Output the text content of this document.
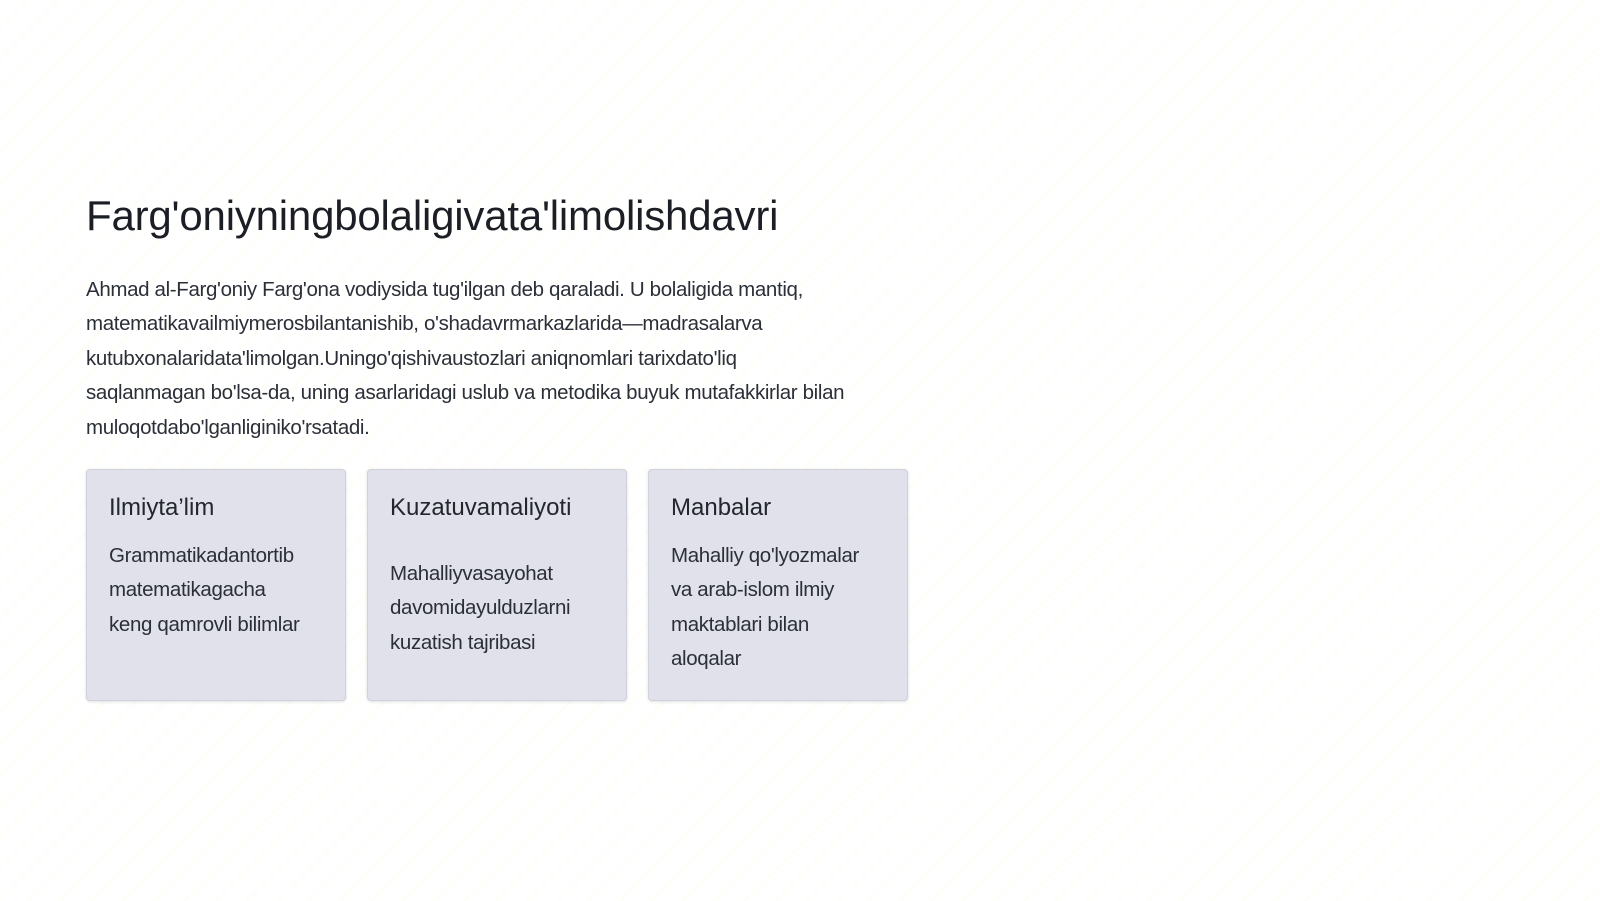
Farg'oniyningbolaligivata'limolishdavri

Ahmad al-Farg'oniy Farg'ona vodiysida tug'ilgan deb qaraladi. U bolaligida mantiq,
matematikavailmiymerosbilantanishib, o'shadavrmarkazlarida—madrasalarva
kutubxonalaridata'limolgan.Uningo'qishivaustozlari aniqnomlari tarixdato'liq
saqlanmagan bo'lsa-da, uning asarlaridagi uslub va metodika buyuk mutafakkirlar bilan
muloqotdabo'lganliginiko'rsatadi.

Ilmiyta’lim

Grammatikadantortib
matematikagacha
keng qamrovli bilimlar

Kuzatuvamaliyoti

Mahalliyvasayohat
davomidayulduzlarni
kuzatish tajribasi

Manbalar

Mahalliy qo'lyozmalar
va arab-islom ilmiy
maktablari bilan
aloqalar
